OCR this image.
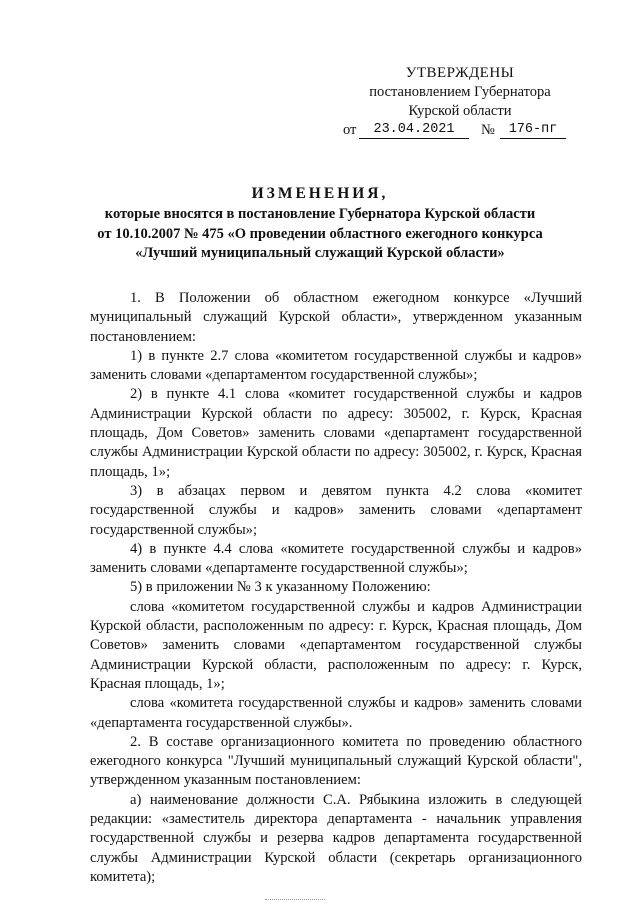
УТВЕРЖДЕНЫ
постановлением Губернатора
Курской области
от	23.04.2021	№	176-пг
ИЗМЕНЕНИЯ,
которые вносятся в постановление Губернатора Курской области
от 10.10.2007 № 475 «О проведении областного ежегодного конкурса
«Лучший муниципальный служащий Курской области»

1. В Положении об областном ежегодном конкурсе «Лучший муниципальный служащий Курской области», утвержденном указанным постановлением:

1) в пункте 2.7 слова «комитетом государственной службы и кадров» заменить словами «департаментом государственной службы»;

2) в пункте 4.1 слова «комитет государственной службы и кадров Администрации Курской области по адресу: 305002, г. Курск, Красная площадь, Дом Советов» заменить словами «департамент государственной службы Администрации Курской области по адресу: 305002, г. Курск, Красная площадь, 1»;

3) в абзацах первом и девятом пункта 4.2 слова «комитет государственной службы и кадров» заменить словами «департамент государственной службы»;

4) в пункте 4.4 слова «комитете государственной службы и кадров» заменить словами «департаменте государственной службы»;

5) в приложении № 3 к указанному Положению:

слова «комитетом государственной службы и кадров Администрации Курской области, расположенным по адресу: г. Курск, Красная площадь, Дом Советов» заменить словами «департаментом государственной службы Администрации Курской области, расположенным по адресу: г. Курск, Красная площадь, 1»;

слова «комитета государственной службы и кадров» заменить словами «департамента государственной службы».

2. В составе организационного комитета по проведению областного ежегодного конкурса "Лучший муниципальный служащий Курской области", утвержденном указанным постановлением:

а) наименование должности С.А. Рябыкина изложить в следующей редакции: «заместитель директора департамента - начальник управления государственной службы и резерва кадров департамента государственной службы Администрации Курской области (секретарь организационного комитета);
